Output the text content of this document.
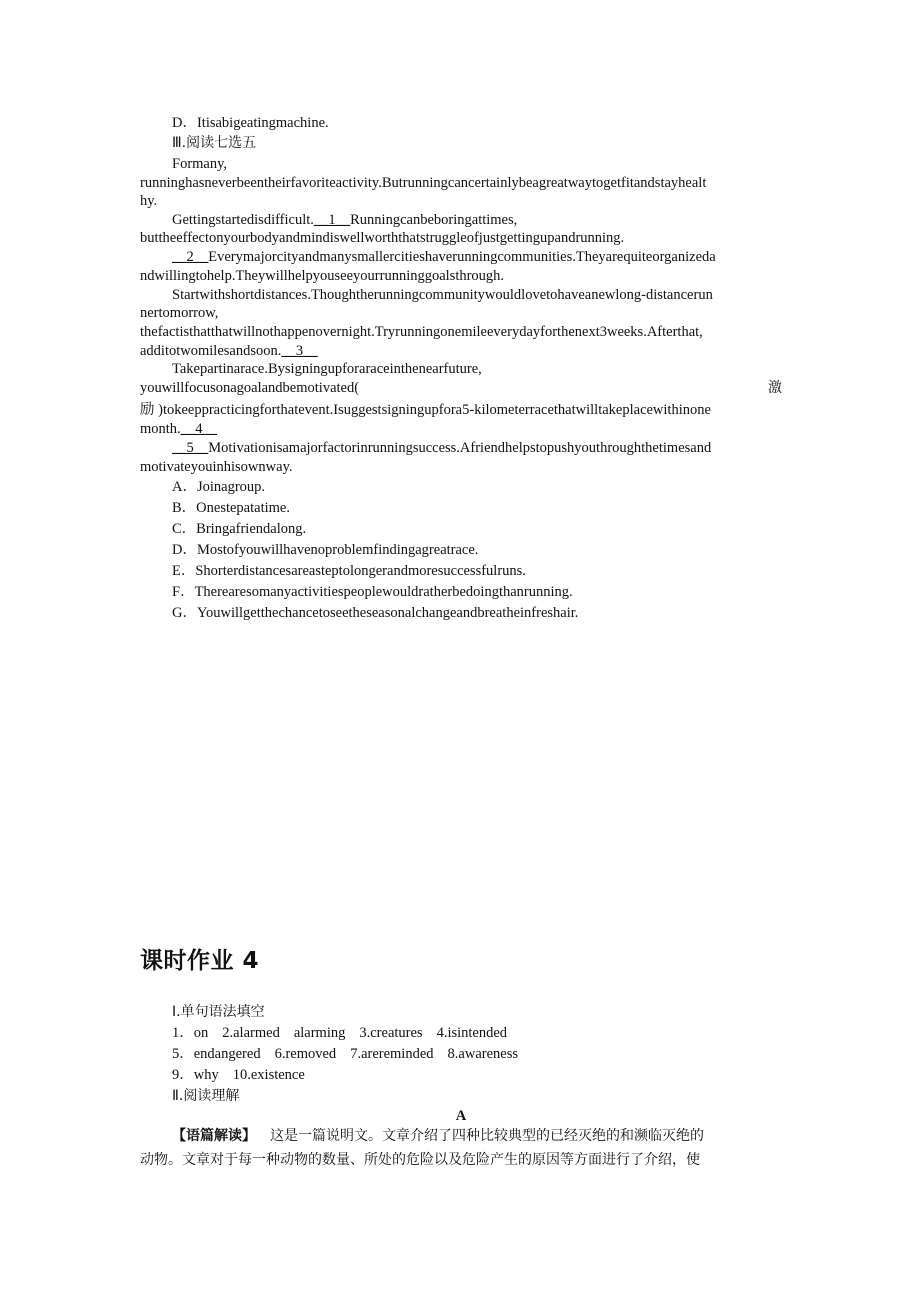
D．Itisabigeatingmachine.
Ⅲ.阅读七选五
Formany,
runninghasneverbeentheirfavoriteactivity.Butrunningcancertainlybeagreatwaytogetfitandstayhealt
hy.
Gettingstartedisdifficult.__1__Runningcanbeboringattimes,
buttheeffectonyourbodyandmindiswellworththatstruggleofjustgettingupandrunning.
__2__Everymajorcityandmanysmallercitieshaverunningcommunities.Theyarequiteorganizeda
ndwillingtohelp.Theywillhelpyouseeyourrunninggoalsthrough.
Startwithshortdistances.Thoughtherunningcommunitywouldlovetohaveanewlong-distancerun
nertomorrow,
thefactisthatthatwillnothappenovernight.Tryrunningonemileeverydayforthenext3weeks.Afterthat,
additotwomilesandsoon.__3__
Takepartinarace.Bysigningupforaraceinthenearfuture,
youwillfocusonagoalandbemotivated(	激
励 )tokeeppracticingforthatevent.Isuggestsigningupfora5-kilometerracethatwilltakeplacewithinone
month.__4__
__5__Motivationisamajorfactorinrunningsuccess.Afriendhelpstopushyouthroughthetimesand
motivateyouinhisownway.
A．Joinagroup.
B．Onestepatatime.
C．Bringafriendalong.
D．Mostofyouwillhavenoproblemfindingagreatrace.
E．Shorterdistancesareasteptolongerandmoresuccessfulruns.
F．Therearesomanyactivitiespeoplewouldratherbedoingthanrunning.
G．Youwillgetthechancetoseetheseasonalchangeandbreatheinfreshair.
课时作业 4
Ⅰ.单句语法填空
1．on 2.alarmed alarming 3.creatures 4.isintended
5．endangered 6.removed 7.arereminded 8.awareness
9．why 10.existence
Ⅱ.阅读理解
A
【语篇解读】 这是一篇说明文。文章介绍了四种比较典型的已经灭绝的和濒临灭绝的
动物。文章对于每一种动物的数量、所处的危险以及危险产生的原因等方面进行了介绍，使
